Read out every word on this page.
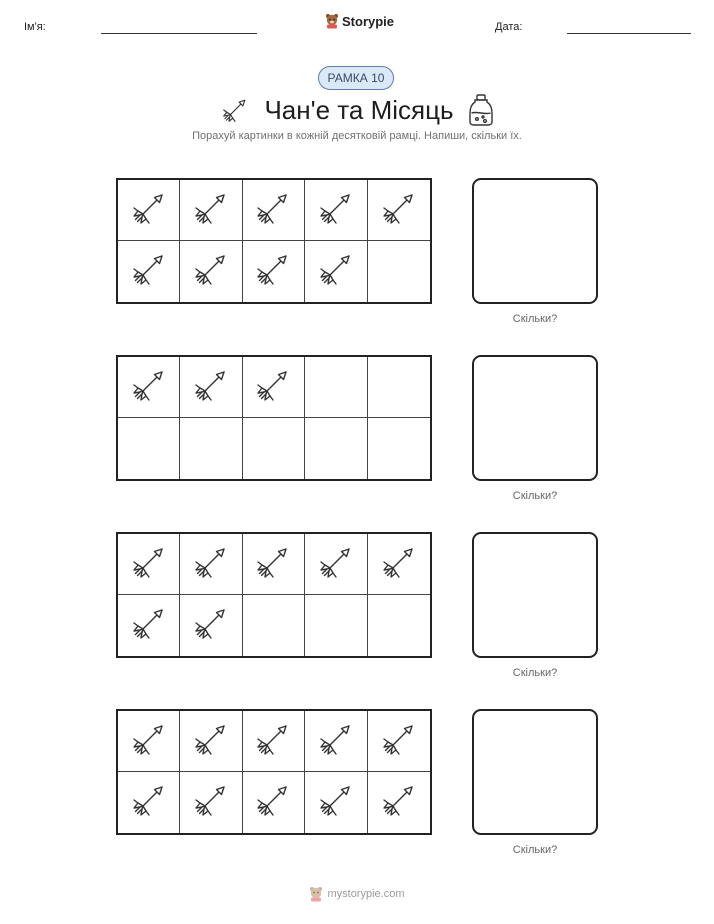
Ім'я:	Storypie	Дата:
РАМКА 10
Чан'е та Місяць
Порахуй картинки в кожній десятковій рамці. Напиши, скільки їх.
Скільки?
Скільки?
Скільки?
Скільки?
mystorypie.com
